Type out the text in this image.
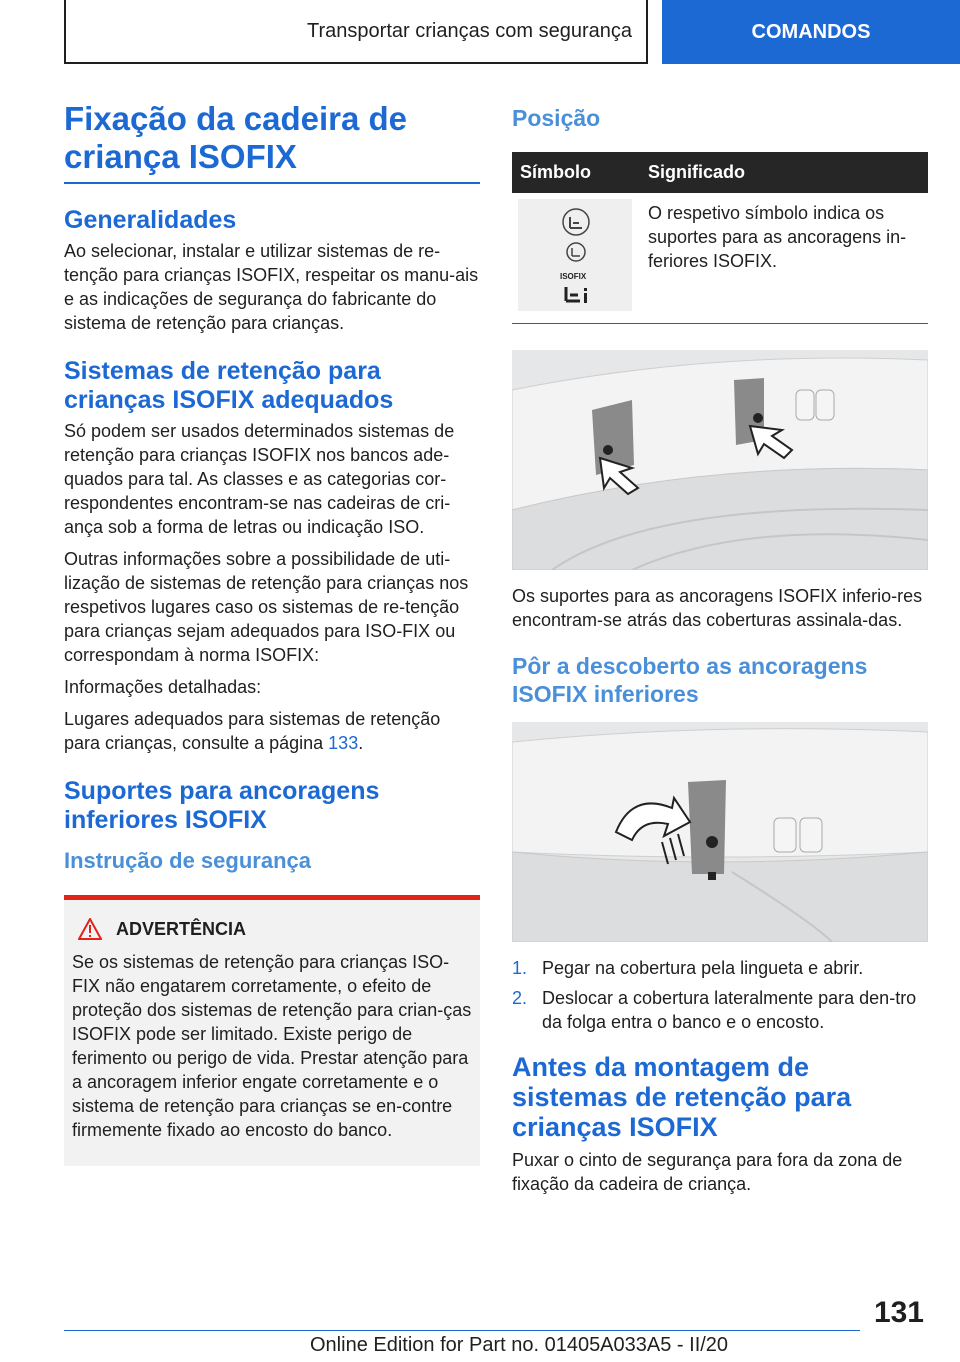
Transportar crianças com segurança	COMANDOS
Fixação da cadeira de criança ISOFIX
Generalidades

Ao selecionar, instalar e utilizar sistemas de re-tenção para crianças ISOFIX, respeitar os manu-ais e as indicações de segurança do fabricante do sistema de retenção para crianças.

Sistemas de retenção para crianças ISOFIX adequados

Só podem ser usados determinados sistemas de retenção para crianças ISOFIX nos bancos ade-quados para tal. As classes e as categorias cor-respondentes encontram-se nas cadeiras de cri-ança sob a forma de letras ou indicação ISO.

Outras informações sobre a possibilidade de uti-lização de sistemas de retenção para crianças nos respetivos lugares caso os sistemas de re-tenção para crianças sejam adequados para ISO-FIX ou correspondam à norma ISOFIX:

Informações detalhadas:

Lugares adequados para sistemas de retenção para crianças, consulte a página 133.

Suportes para ancoragens inferiores ISOFIX
Instrução de segurança
ADVERTÊNCIA

Se os sistemas de retenção para crianças ISO-FIX não engatarem corretamente, o efeito de proteção dos sistemas de retenção para crian-ças ISOFIX pode ser limitado. Existe perigo de ferimento ou perigo de vida. Prestar atenção para a ancoragem inferior engate corretamente e o sistema de retenção para crianças se en-contre firmemente fixado ao encosto do banco.

Posição
Símbolo	Significado

ISOFIX	O respetivo símbolo indica os suportes para as ancoragens in-feriores ISOFIX.

Os suportes para as ancoragens ISOFIX inferio-res encontram-se atrás das coberturas assinala-das.

Pôr a descoberto as ancoragens ISOFIX inferiores
1. Pegar na cobertura pela lingueta e abrir.
2. Deslocar a cobertura lateralmente para den-tro da folga entra o banco e o encosto.
Antes da montagem de sistemas de retenção para crianças ISOFIX

Puxar o cinto de segurança para fora da zona de fixação da cadeira de criança.

131
Online Edition for Part no. 01405A033A5 - II/20
